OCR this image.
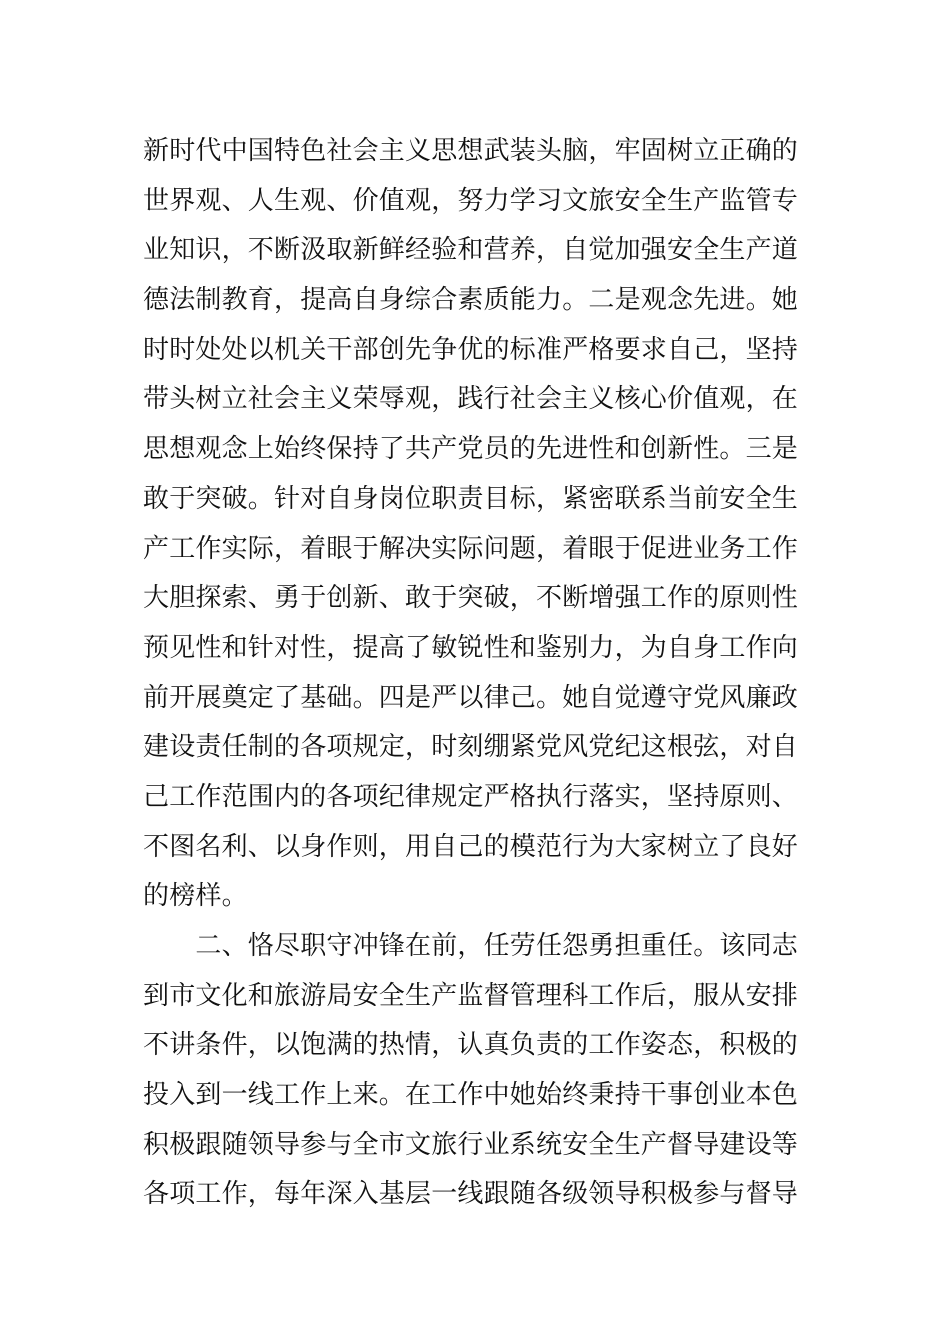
新时代中国特色社会主义思想武装头脑，牢固树立正确的
世界观、人生观、价值观，努力学习文旅安全生产监管专
业知识，不断汲取新鲜经验和营养，自觉加强安全生产道
德法制教育，提高自身综合素质能力。二是观念先进。她
时时处处以机关干部创先争优的标准严格要求自己，坚持
带头树立社会主义荣辱观，践行社会主义核心价值观，在
思想观念上始终保持了共产党员的先进性和创新性。三是
敢于突破。针对自身岗位职责目标，紧密联系当前安全生
产工作实际，着眼于解决实际问题，着眼于促进业务工作
大胆探索、勇于创新、敢于突破，不断增强工作的原则性
预见性和针对性，提高了敏锐性和鉴别力，为自身工作向
前开展奠定了基础。四是严以律己。她自觉遵守党风廉政
建设责任制的各项规定，时刻绷紧党风党纪这根弦，对自
己工作范围内的各项纪律规定严格执行落实，坚持原则、
不图名利、以身作则，用自己的模范行为大家树立了良好
的榜样。
　　二、恪尽职守冲锋在前，任劳任怨勇担重任。该同志
到市文化和旅游局安全生产监督管理科工作后，服从安排
不讲条件，以饱满的热情，认真负责的工作姿态，积极的
投入到一线工作上来。在工作中她始终秉持干事创业本色
积极跟随领导参与全市文旅行业系统安全生产督导建设等
各项工作，每年深入基层一线跟随各级领导积极参与督导
